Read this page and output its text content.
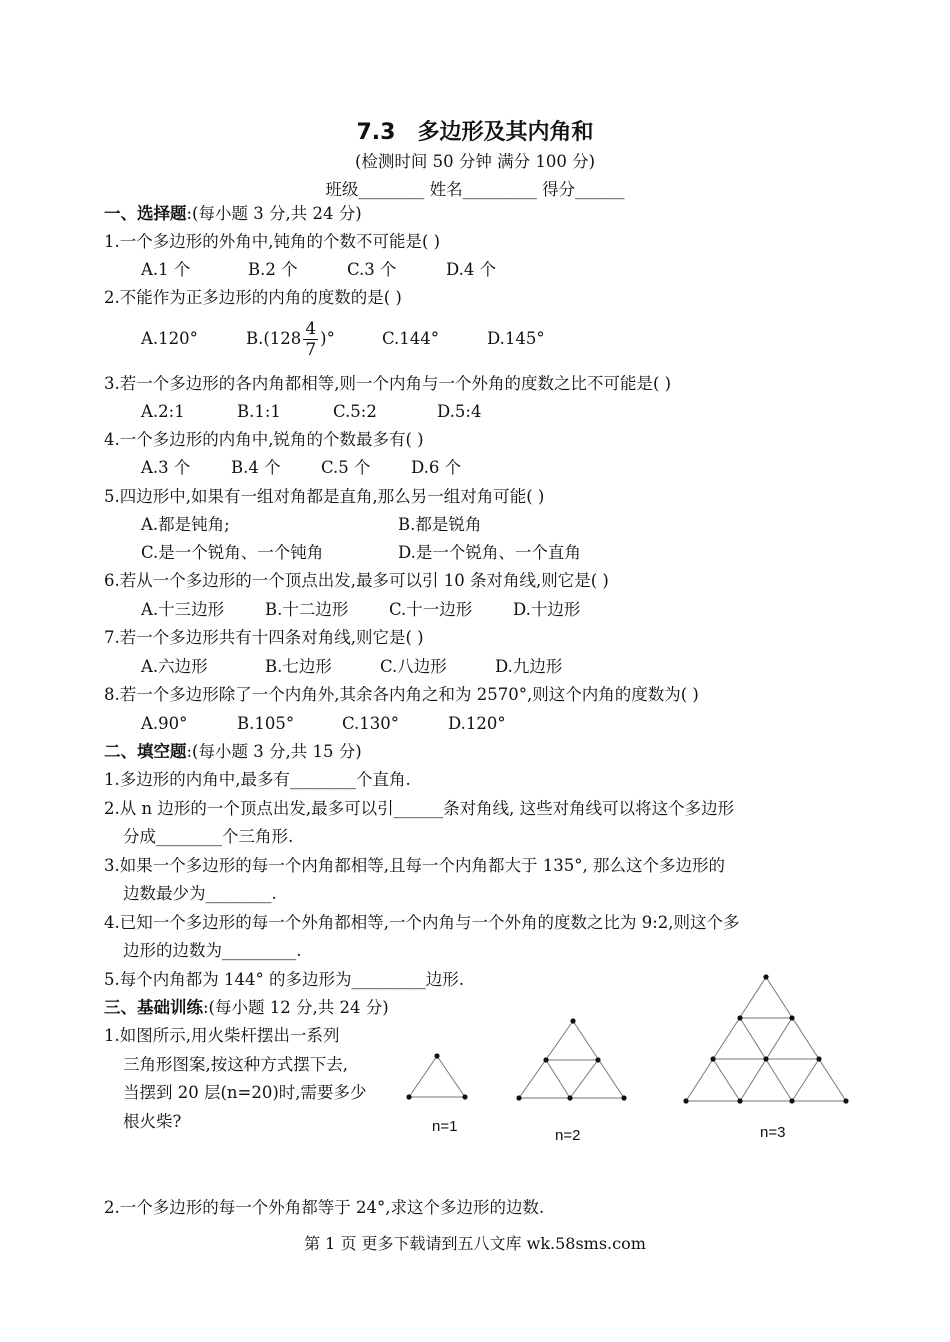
7.3　多边形及其内角和
(检测时间 50 分钟 满分 100 分)
班级________ 姓名_________ 得分______
一、选择题:(每小题 3 分,共 24 分)
1.一个多边形的外角中,钝角的个数不可能是( )
A.1 个	B.2 个	C.3 个	D.4 个
2.不能作为正多边形的内角的度数的是( )
A.120°	$B.(128 \frac{4}{7}$ )°	C.144°	D.145°
3.若一个多边形的各内角都相等,则一个内角与一个外角的度数之比不可能是( )
A.2:1	B.1:1	C.5:2	D.5:4
4.一个多边形的内角中,锐角的个数最多有( )
A.3 个 B.4 个 C.5 个 D.6 个
5.四边形中,如果有一组对角都是直角,那么另一组对角可能( )
A.都是钝角;	B.都是锐角
C.是一个锐角、一个钝角	D.是一个锐角、一个直角
6.若从一个多边形的一个顶点出发,最多可以引 10 条对角线,则它是( )
A.十三边形 B.十二边形 C.十一边形 D.十边形
7.若一个多边形共有十四条对角线,则它是( )
A.六边形	B.七边形	C.八边形	D.九边形
8.若一个多边形除了一个内角外,其余各内角之和为 2570°,则这个内角的度数为( )
A.90°	B.105°	C.130°	D.120°
二、填空题:(每小题 3 分,共 15 分)
1.多边形的内角中,最多有________个直角.
2.从 n 边形的一个顶点出发,最多可以引______条对角线, 这些对角线可以将这个多边形
分成________个三角形.
3.如果一个多边形的每一个内角都相等,且每一个内角都大于 135°, 那么这个多边形的
边数最少为________.
4.已知一个多边形的每一个外角都相等,一个内角与一个外角的度数之比为 9:2,则这个多
边形的边数为_________.
5.每个内角都为 144° 的多边形为_________边形.
三、基础训练:(每小题 12 分,共 24 分)
1.如图所示,用火柴杆摆出一系列
三角形图案,按这种方式摆下去,
当摆到 20 层(n=20)时,需要多少
根火柴?	n=1
n=2	n=3
2.一个多边形的每一个外角都等于 24°,求这个多边形的边数.
第 1 页 更多下载请到五八文库 wk.58sms.com
